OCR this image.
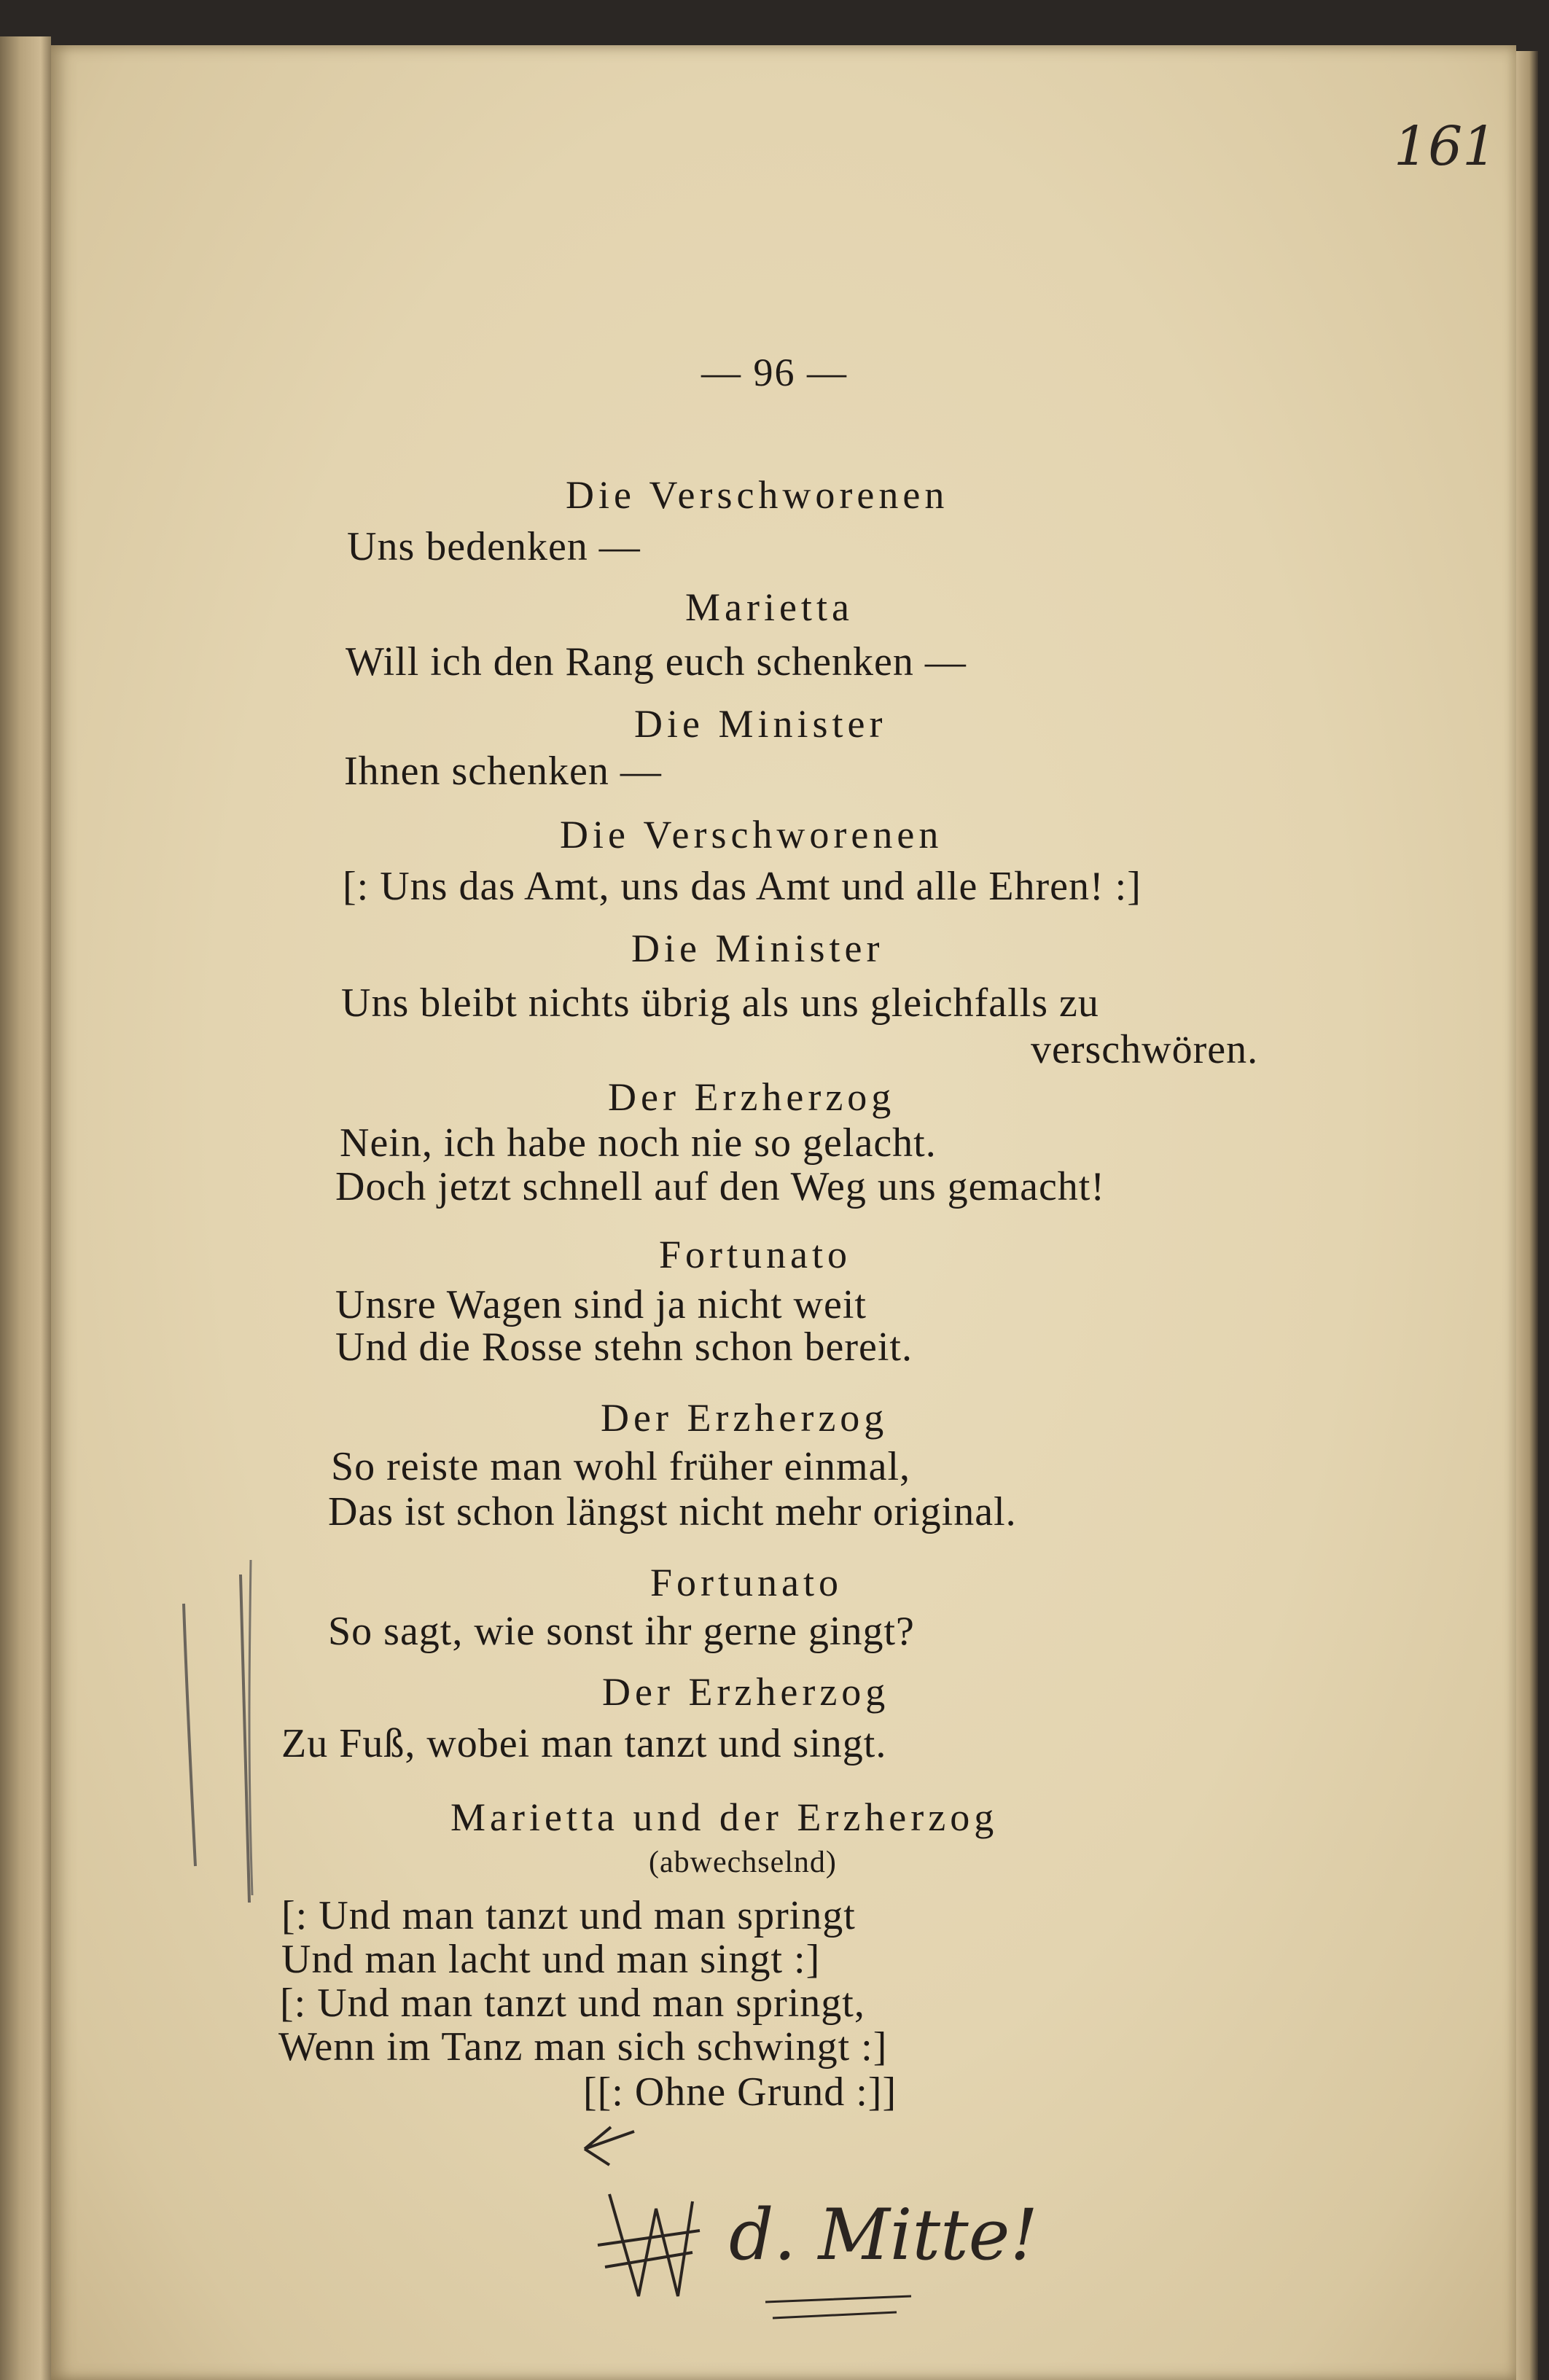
161
— 96 —
Die Verschworenen
Uns bedenken —
Marietta
Will ich den Rang euch schenken —
Die Minister
Ihnen schenken —
Die Verschworenen
[: Uns das Amt, uns das Amt und alle Ehren! :]
Die Minister
Uns bleibt nichts übrig als uns gleichfalls zu
verschwören.
Der Erzherzog
Nein, ich habe noch nie so gelacht.
Doch jetzt schnell auf den Weg uns gemacht!
Fortunato
Unsre Wagen sind ja nicht weit
Und die Rosse stehn schon bereit.
Der Erzherzog
So reiste man wohl früher einmal,
Das ist schon längst nicht mehr original.
Fortunato
So sagt, wie sonst ihr gerne gingt?
Der Erzherzog
Zu Fuß, wobei man tanzt und singt.
Marietta und der Erzherzog
(abwechselnd)
[: Und man tanzt und man springt
Und man lacht und man singt :]
[: Und man tanzt und man springt,
Wenn im Tanz man sich schwingt :]
[[: Ohne Grund :]]
d. Mitte!
